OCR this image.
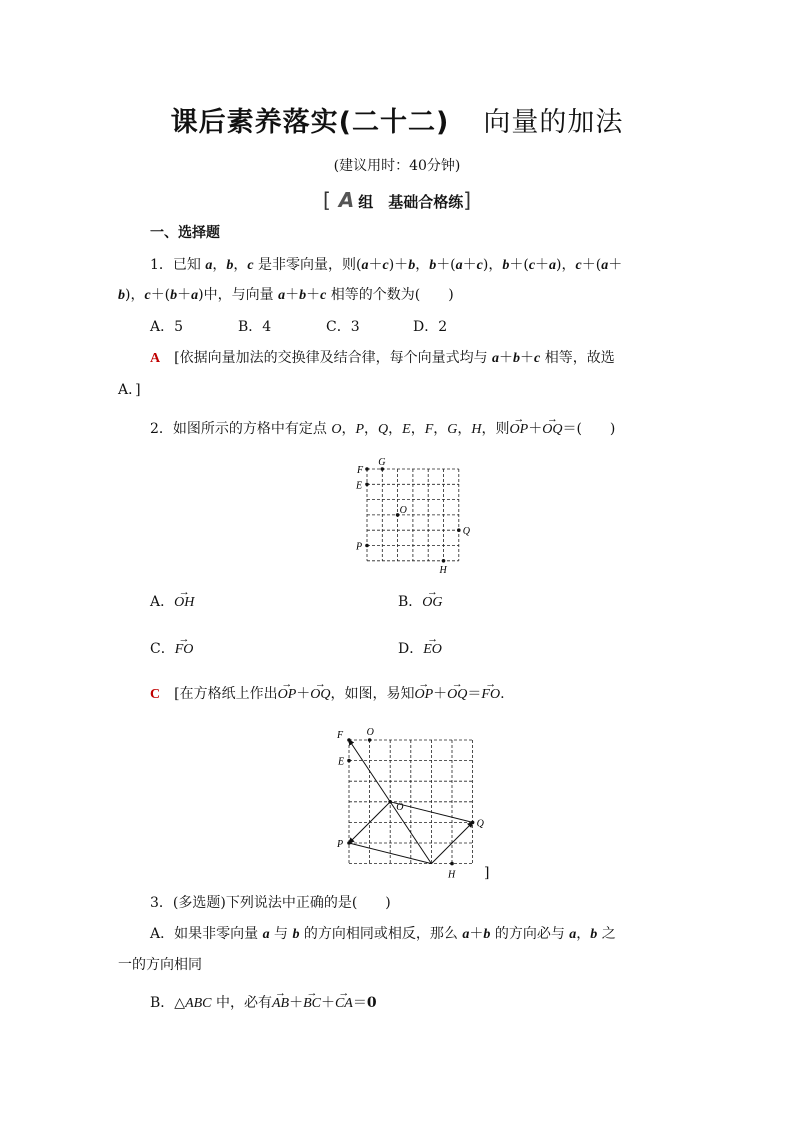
课后素养落实(二十二) 向量的加法
(建议用时：40分钟)
[ A 组　基础合格练]
一、选择题
1．已知 a，b，c 是非零向量，则(a＋c)＋b，b＋(a＋c)，b＋(c＋a)，c＋(a＋
b)，c＋(b＋a)中，与向量 a＋b＋c 相等的个数为(　　)
A．5	B．4	C．3	D．2
A　[依据向量加法的交换律及结合律，每个向量式均与 a＋b＋c 相等，故选
A．]
2．如图所示的方格中有定点 O，P，Q，E，F，G，H，则→ OP＋→ OQ＝(　　)
A．→ OH	B．→ OG
C．→ FO	D．→ EO
C　[在方格纸上作出→ OP＋→ OQ，如图，易知→ OP＋→ OQ＝→ FO.
]
3．(多选题)下列说法中正确的是(　　)
A．如果非零向量 a 与 b 的方向相同或相反，那么 a＋b 的方向必与 a，b 之
一的方向相同
B．△ABC 中，必有→ AB＋→ BC＋→ CA＝0
F
G
E
O
Q
P
H
F O
E
O
Q
P
H
